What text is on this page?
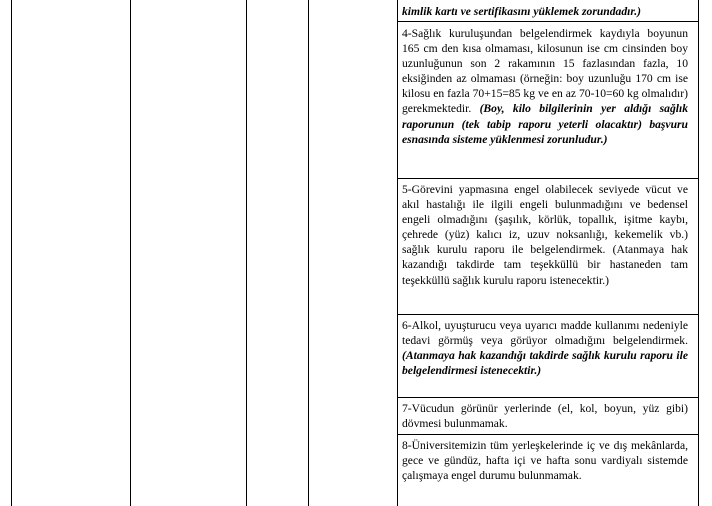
kimlik kartı ve sertifikasını yüklemek zorundadır.)
4-Sağlık kuruluşundan belgelendirmek kaydıyla boyunun 165 cm den kısa olmaması, kilosunun ise cm cinsinden boy uzunluğunun son 2 rakamının 15 fazlasından fazla, 10 eksiğinden az olmaması (örneğin: boy uzunluğu 170 cm ise kilosu en fazla 70+15=85 kg ve en az 70-10=60 kg olmalıdır) gerekmektedir. (Boy, kilo bilgilerinin yer aldığı sağlık raporunun (tek tabip raporu yeterli olacaktır) başvuru esnasında sisteme yüklenmesi zorunludur.)
5-Görevini yapmasına engel olabilecek seviyede vücut ve akıl hastalığı ile ilgili engeli bulunmadığını ve bedensel engeli olmadığını (şaşılık, körlük, topallık, işitme kaybı, çehrede (yüz) kalıcı iz, uzuv noksanlığı, kekemelik vb.) sağlık kurulu raporu ile belgelendirmek. (Atanmaya hak kazandığı takdirde tam teşekküllü bir hastaneden tam teşekküllü sağlık kurulu raporu istenecektir.)
6-Alkol, uyuşturucu veya uyarıcı madde kullanımı nedeniyle tedavi görmüş veya görüyor olmadığını belgelendirmek. (Atanmaya hak kazandığı takdirde sağlık kurulu raporu ile belgelendirmesi istenecektir.)
7-Vücudun görünür yerlerinde (el, kol, boyun, yüz gibi) dövmesi bulunmamak.
8-Üniversitemizin tüm yerleşkelerinde iç ve dış mekânlarda, gece ve gündüz, hafta içi ve hafta sonu vardiyalı sistemde çalışmaya engel durumu bulunmamak.
